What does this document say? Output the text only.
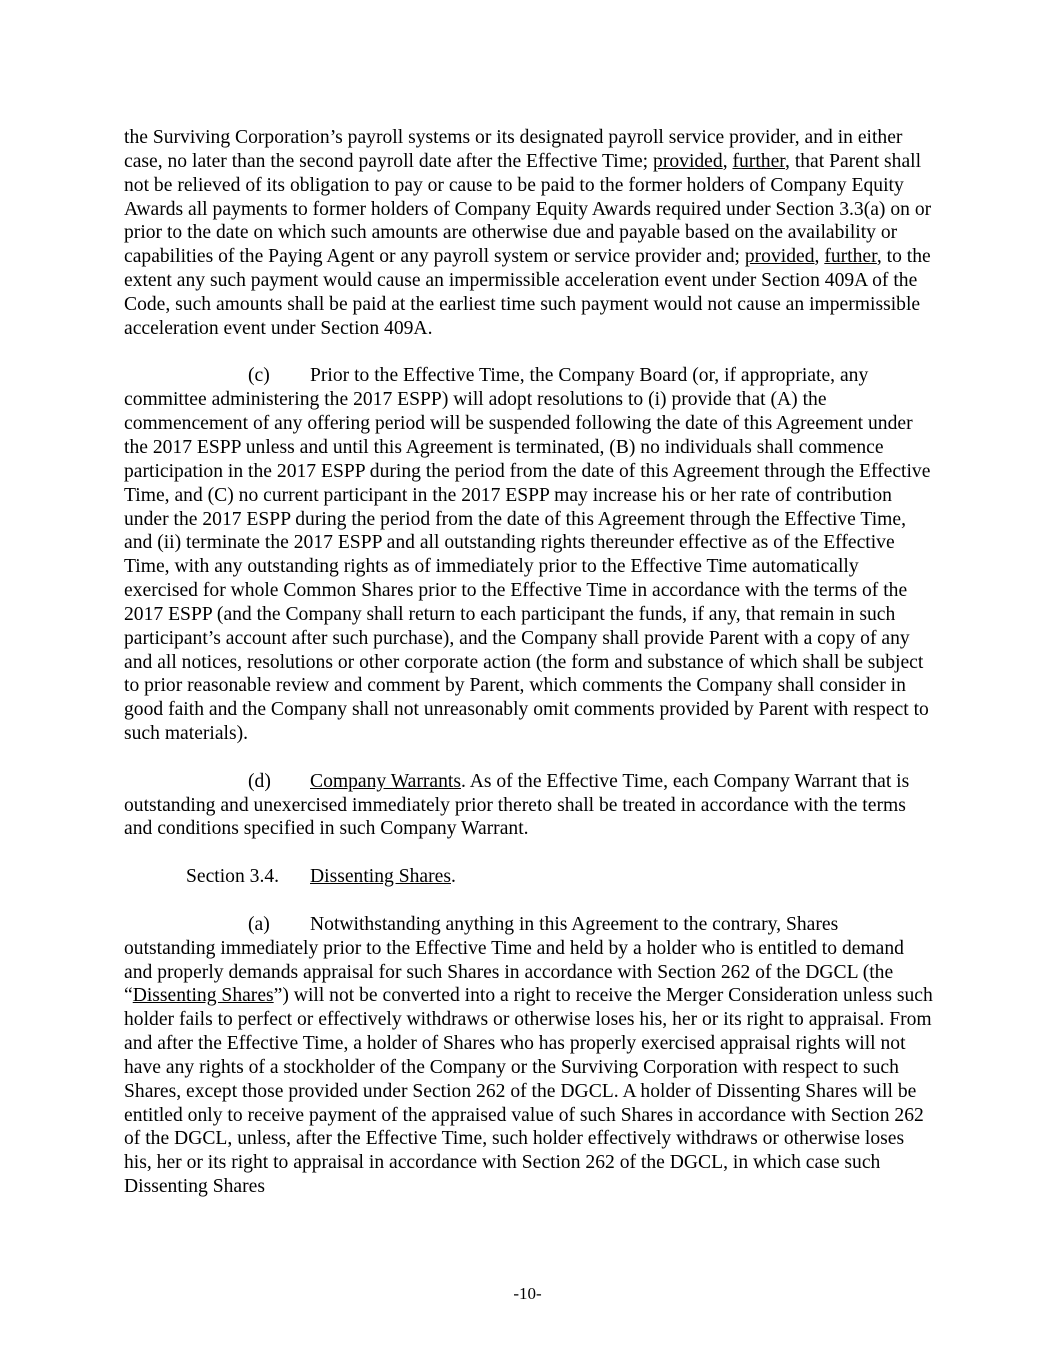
the Surviving Corporation’s payroll systems or its designated payroll service provider, and in either case, no later than the second payroll date after the Effective Time; provided, further, that Parent shall not be relieved of its obligation to pay or cause to be paid to the former holders of Company Equity Awards all payments to former holders of Company Equity Awards required under Section 3.3(a) on or prior to the date on which such amounts are otherwise due and payable based on the availability or capabilities of the Paying Agent or any payroll system or service provider and; provided, further, to the extent any such payment would cause an impermissible acceleration event under Section 409A of the Code, such amounts shall be paid at the earliest time such payment would not cause an impermissible acceleration event under Section 409A.

(c) Prior to the Effective Time, the Company Board (or, if appropriate, any committee administering the 2017 ESPP) will adopt resolutions to (i) provide that (A) the commencement of any offering period will be suspended following the date of this Agreement under the 2017 ESPP unless and until this Agreement is terminated, (B) no individuals shall commence participation in the 2017 ESPP during the period from the date of this Agreement through the Effective Time, and (C) no current participant in the 2017 ESPP may increase his or her rate of contribution under the 2017 ESPP during the period from the date of this Agreement through the Effective Time, and (ii) terminate the 2017 ESPP and all outstanding rights thereunder effective as of the Effective Time, with any outstanding rights as of immediately prior to the Effective Time automatically exercised for whole Common Shares prior to the Effective Time in accordance with the terms of the 2017 ESPP (and the Company shall return to each participant the funds, if any, that remain in such participant’s account after such purchase), and the Company shall provide Parent with a copy of any and all notices, resolutions or other corporate action (the form and substance of which shall be subject to prior reasonable review and comment by Parent, which comments the Company shall consider in good faith and the Company shall not unreasonably omit comments provided by Parent with respect to such materials).

(d) Company Warrants. As of the Effective Time, each Company Warrant that is outstanding and unexercised immediately prior thereto shall be treated in accordance with the terms and conditions specified in such Company Warrant.

Section 3.4. Dissenting Shares.

(a) Notwithstanding anything in this Agreement to the contrary, Shares outstanding immediately prior to the Effective Time and held by a holder who is entitled to demand and properly demands appraisal for such Shares in accordance with Section 262 of the DGCL (the “Dissenting Shares”) will not be converted into a right to receive the Merger Consideration unless such holder fails to perfect or effectively withdraws or otherwise loses his, her or its right to appraisal. From and after the Effective Time, a holder of Shares who has properly exercised appraisal rights will not have any rights of a stockholder of the Company or the Surviving Corporation with respect to such Shares, except those provided under Section 262 of the DGCL. A holder of Dissenting Shares will be entitled only to receive payment of the appraised value of such Shares in accordance with Section 262 of the DGCL, unless, after the Effective Time, such holder effectively withdraws or otherwise loses his, her or its right to appraisal in accordance with Section 262 of the DGCL, in which case such Dissenting Shares

-10-
